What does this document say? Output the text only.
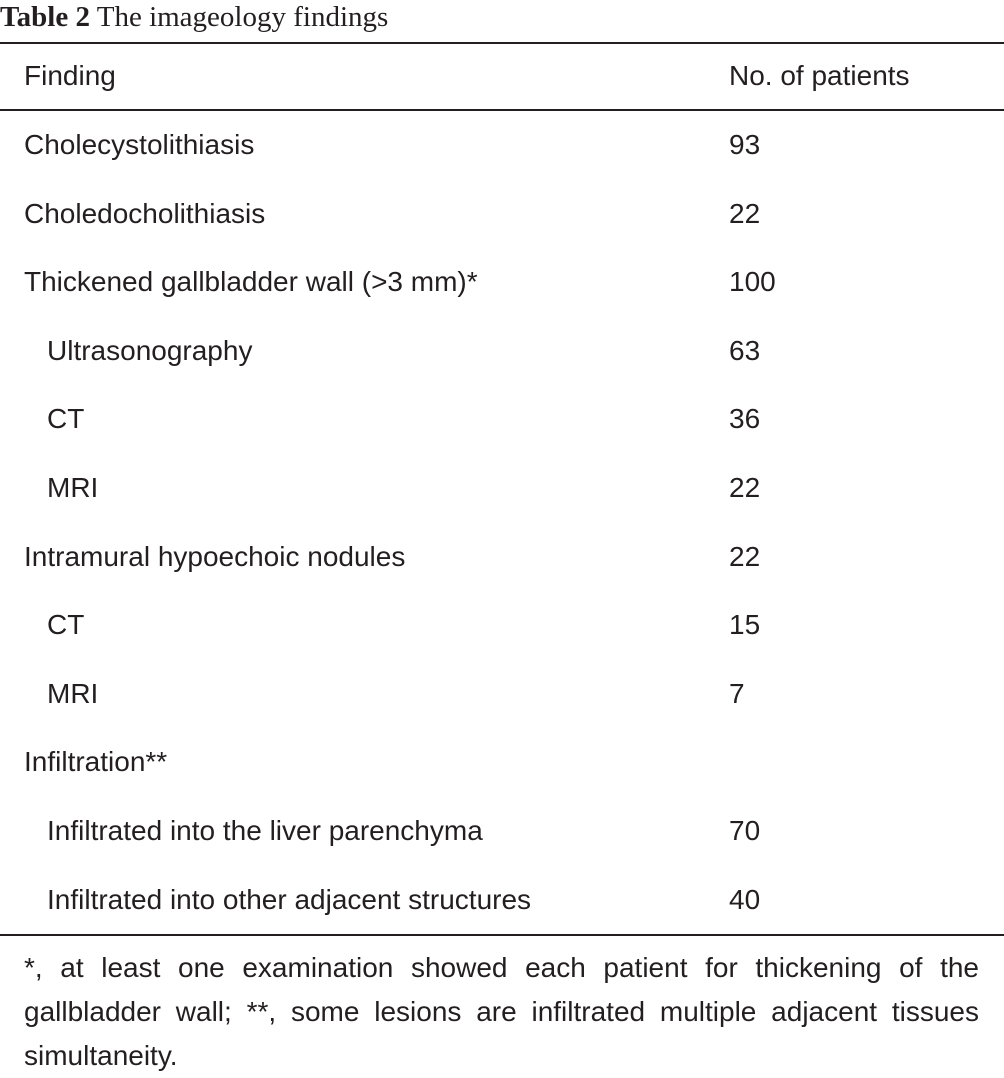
Table 2 The imageology findings
Finding	No. of patients
Cholecystolithiasis	93
Choledocholithiasis	22
Thickened gallbladder wall (>3 mm)*	100
Ultrasonography	63
CT	36
MRI	22
Intramural hypoechoic nodules	22
CT	15
MRI	7
Infiltration**
Infiltrated into the liver parenchyma	70
Infiltrated into other adjacent structures	40
*, at least one examination showed each patient for thickening of the gallbladder wall; **, some lesions are infiltrated multiple adjacent tissues simultaneity.
